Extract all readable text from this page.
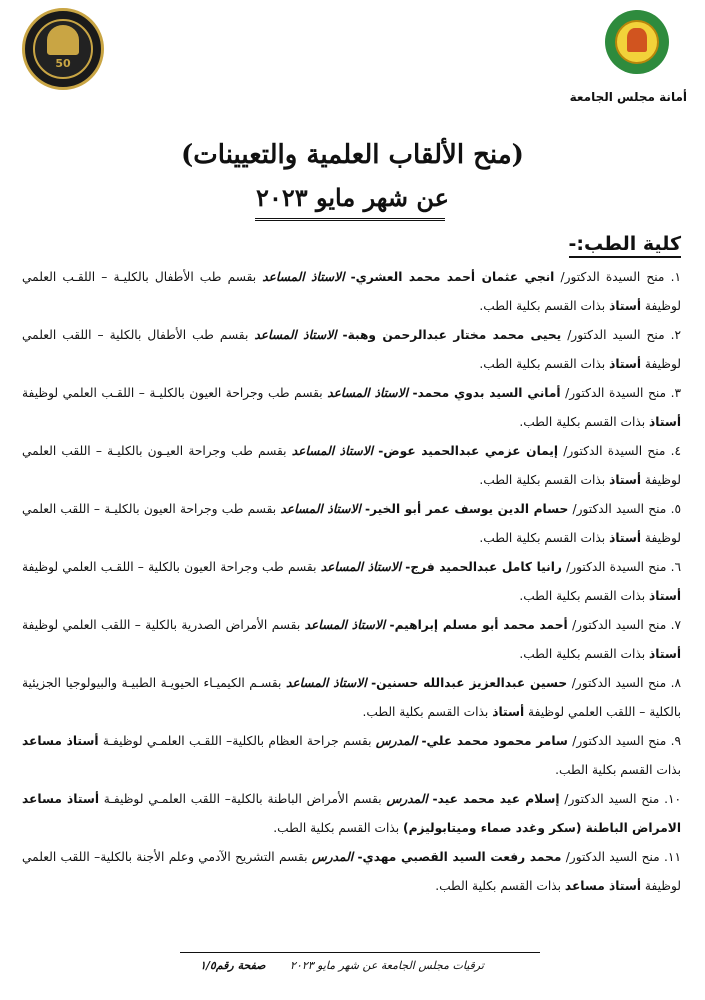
50
أمانة مجلس الجامعة
(منح الألقاب العلمية والتعيينات)
عن شهر مايو ٢٠٢٣
كلية الطب:-
١. منح السيدة الدكتور/ انجي عثمان أحمد محمد العشري- الاستاذ المساعد بقسم طب الأطفال بالكليـة – اللقـب العلمي لوظيفة أستاذ بذات القسم بكلية الطب.
٢. منح السيد الدكتور/ يحيى محمد مختار عبدالرحمن وهبة- الاستاذ المساعد بقسم طب الأطفال بالكلية – اللقب العلمي لوظيفة أستاذ بذات القسم بكلية الطب.
٣. منح السيدة الدكتور/ أماني السيد بدوي محمد- الاستاذ المساعد بقسم طب وجراحة العيون بالكليـة – اللقـب العلمي لوظيفة أستاذ بذات القسم بكلية الطب.
٤. منح السيدة الدكتور/ إيمان عزمي عبدالحميد عوض- الاستاذ المساعد بقسم طب وجراحة العيـون بالكليـة – اللقب العلمي لوظيفة أستاذ بذات القسم بكلية الطب.
٥. منح السيد الدكتور/ حسام الدين يوسف عمر أبو الخير- الاستاذ المساعد بقسم طب وجراحة العيون بالكليـة – اللقب العلمي لوظيفة أستاذ بذات القسم بكلية الطب.
٦. منح السيدة الدكتور/ رانيا كامل عبدالحميد فرج- الاستاذ المساعد بقسم طب وجراحة العيون بالكلية – اللقـب العلمي لوظيفة أستاذ بذات القسم بكلية الطب.
٧. منح السيد الدكتور/ أحمد محمد أبو مسلم إبراهيم- الاستاذ المساعد بقسم الأمراض الصدرية بالكلية – اللقب العلمي لوظيفة أستاذ بذات القسم بكلية الطب.
٨. منح السيد الدكتور/ حسين عبدالعزيز عبدالله حسنين- الاستاذ المساعد بقسـم الكيميـاء الحيويـة الطبيـة والبيولوجيا الجزيئية بالكلية – اللقب العلمي لوظيفة أستاذ بذات القسم بكلية الطب.
٩. منح السيد الدكتور/ سامر محمود محمد علي- المدرس بقسم جراحة العظام بالكلية– اللقـب العلمـي لوظيفـة أستاذ مساعد بذات القسم بكلية الطب.
١٠. منح السيد الدكتور/ إسلام عيد محمد عيد- المدرس بقسم الأمراض الباطنة بالكلية– اللقب العلمـي لوظيفـة أستاذ مساعد الامراض الباطنة (سكر وغدد صماء وميتابوليزم) بذات القسم بكلية الطب.
١١. منح السيد الدكتور/ محمد رفعت السيد القصبي مهدي- المدرس بقسم التشريح الآدمي وعلم الأجنة بالكلية– اللقب العلمي لوظيفة أستاذ مساعد بذات القسم بكلية الطب.
ترقيات مجلس الجامعة عن شهر مايو ٢٠٢٣
صفحة رقم١/٥
